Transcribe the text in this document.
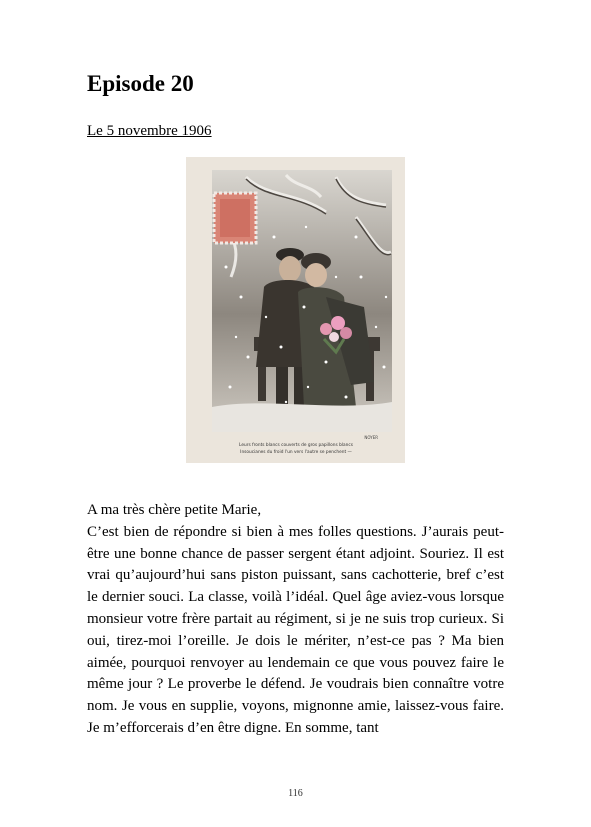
Episode 20
Le 5 novembre 1906
Leurs fronts blancs couverts de gros papillons blancs
Insoucianes du froid l'un vers l'autre se penchent —
NOYER

A ma très chère petite Marie,

C’est bien de répondre si bien à mes folles questions. J’aurais peut-être une bonne chance de passer sergent étant adjoint. Souriez. Il est vrai qu’aujourd’hui sans piston puissant, sans cachotterie, bref c’est le dernier souci. La classe, voilà l’idéal. Quel âge aviez-vous lorsque monsieur votre frère partait au régiment, si je ne suis trop curieux. Si oui, tirez-moi l’oreille. Je dois le mériter, n’est-ce pas ? Ma bien aimée, pourquoi renvoyer au lendemain ce que vous pouvez faire le même jour ? Le proverbe le défend. Je voudrais bien connaître votre nom. Je vous en supplie, voyons, mignonne amie, laissez-vous faire. Je m’efforcerais d’en être digne. En somme, tant

116
